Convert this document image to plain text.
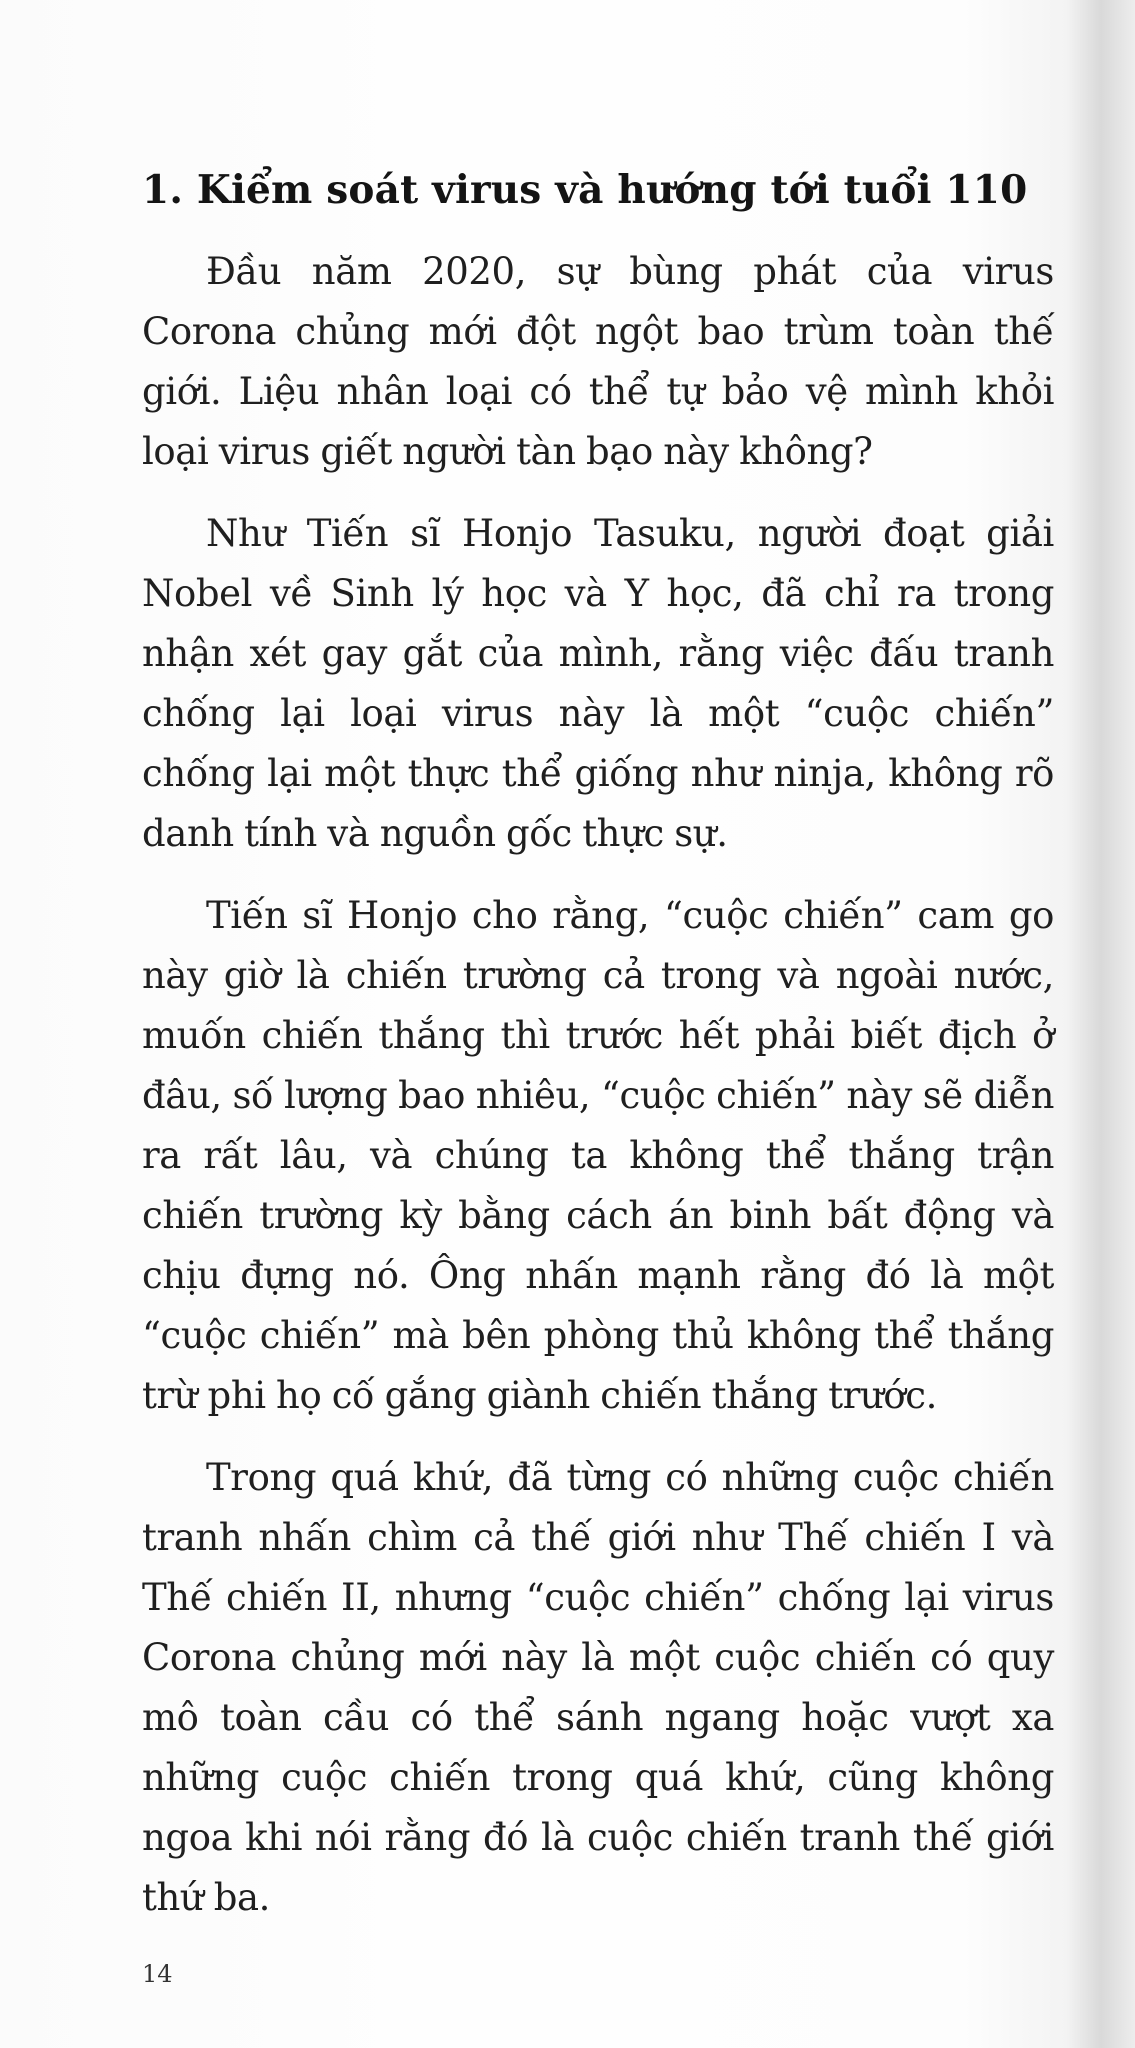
1. Kiểm soát virus và hướng tới tuổi 110

Đầu năm 2020, sự bùng phát của virus Corona chủng mới đột ngột bao trùm toàn thế giới. Liệu nhân loại có thể tự bảo vệ mình khỏi loại virus giết người tàn bạo này không?

Như Tiến sĩ Honjo Tasuku, người đoạt giải Nobel về Sinh lý học và Y học, đã chỉ ra trong nhận xét gay gắt của mình, rằng việc đấu tranh chống lại loại virus này là một “cuộc chiến” chống lại một thực thể giống như ninja, không rõ danh tính và nguồn gốc thực sự.

Tiến sĩ Honjo cho rằng, “cuộc chiến” cam go này giờ là chiến trường cả trong và ngoài nước, muốn chiến thắng thì trước hết phải biết địch ở đâu, số lượng bao nhiêu, “cuộc chiến” này sẽ diễn ra rất lâu, và chúng ta không thể thắng trận chiến trường kỳ bằng cách án binh bất động và chịu đựng nó. Ông nhấn mạnh rằng đó là một “cuộc chiến” mà bên phòng thủ không thể thắng trừ phi họ cố gắng giành chiến thắng trước.

Trong quá khứ, đã từng có những cuộc chiến tranh nhấn chìm cả thế giới như Thế chiến I và Thế chiến II, nhưng “cuộc chiến” chống lại virus Corona chủng mới này là một cuộc chiến có quy mô toàn cầu có thể sánh ngang hoặc vượt xa những cuộc chiến trong quá khứ, cũng không ngoa khi nói rằng đó là cuộc chiến tranh thế giới thứ ba.

14
